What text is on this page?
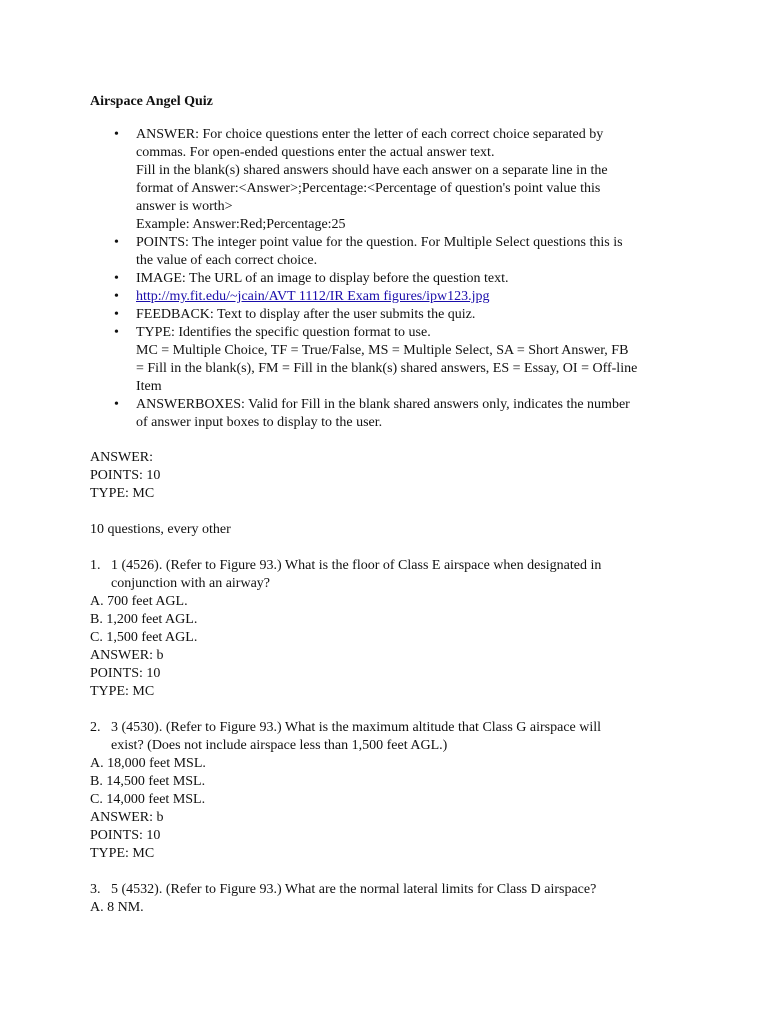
Airspace Angel Quiz
• ANSWER: For choice questions enter the letter of each correct choice separated by
commas. For open-ended questions enter the actual answer text.
Fill in the blank(s) shared answers should have each answer on a separate line in the
format of Answer:<Answer>;Percentage:<Percentage of question's point value this
answer is worth>
Example: Answer:Red;Percentage:25
• POINTS: The integer point value for the question. For Multiple Select questions this is
the value of each correct choice.
• IMAGE: The URL of an image to display before the question text.
• http://my.fit.edu/~jcain/AVT 1112/IR Exam figures/ipw123.jpg
• FEEDBACK: Text to display after the user submits the quiz.
• TYPE: Identifies the specific question format to use.
MC = Multiple Choice, TF = True/False, MS = Multiple Select, SA = Short Answer, FB
= Fill in the blank(s), FM = Fill in the blank(s) shared answers, ES = Essay, OI = Off-line
Item
• ANSWERBOXES: Valid for Fill in the blank shared answers only, indicates the number
of answer input boxes to display to the user.
ANSWER:
POINTS: 10
TYPE: MC
10 questions, every other
1. 1 (4526). (Refer to Figure 93.) What is the floor of Class E airspace when designated in
conjunction with an airway?
A. 700 feet AGL.
B. 1,200 feet AGL.
C. 1,500 feet AGL.
ANSWER: b
POINTS: 10
TYPE: MC
2. 3 (4530). (Refer to Figure 93.) What is the maximum altitude that Class G airspace will
exist? (Does not include airspace less than 1,500 feet AGL.)
A. 18,000 feet MSL.
B. 14,500 feet MSL.
C. 14,000 feet MSL.
ANSWER: b
POINTS: 10
TYPE: MC
3. 5 (4532). (Refer to Figure 93.) What are the normal lateral limits for Class D airspace?
A. 8 NM.
